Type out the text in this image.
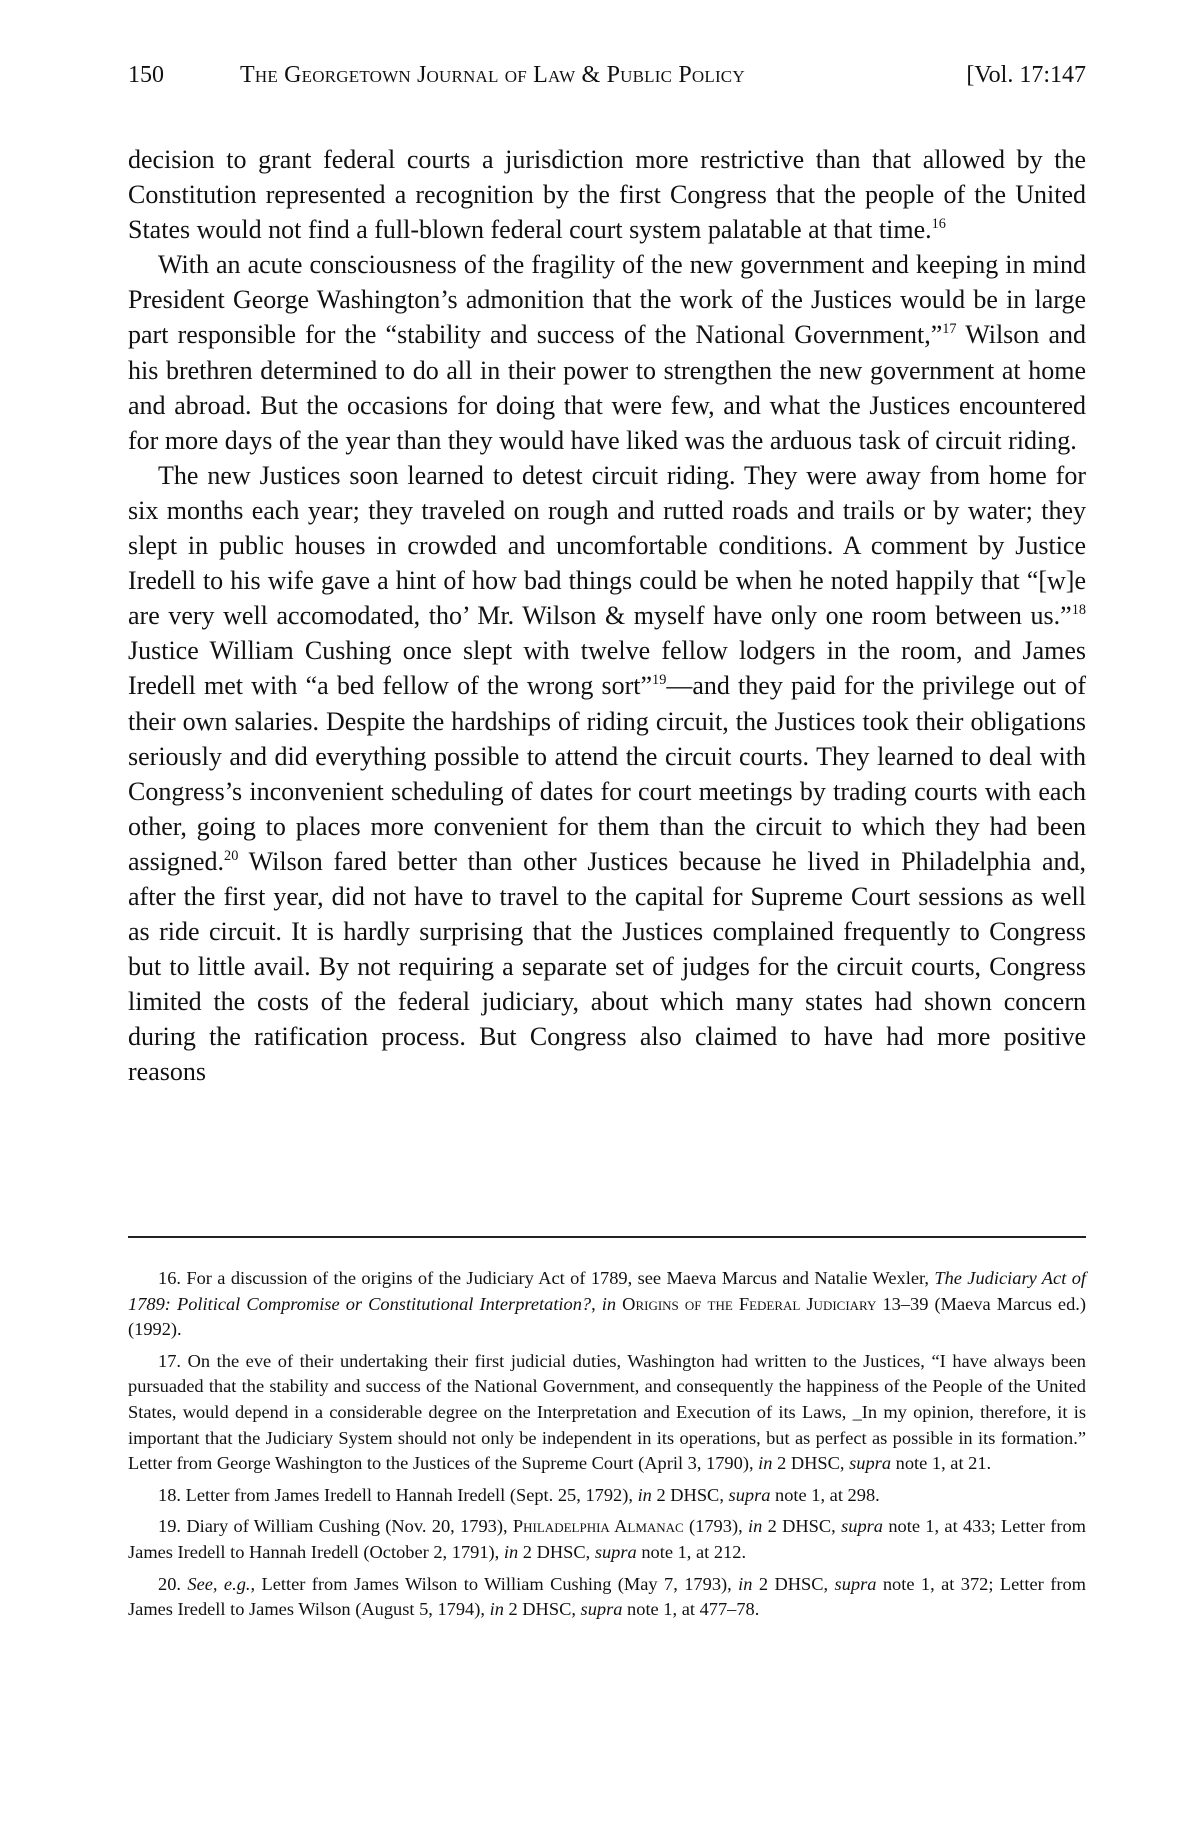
150	The Georgetown Journal of Law & Public Policy	[Vol. 17:147

decision to grant federal courts a jurisdiction more restrictive than that allowed by the Constitution represented a recognition by the first Congress that the people of the United States would not find a full-blown federal court system palatable at that time.$^{16}$

With an acute consciousness of the fragility of the new government and keeping in mind President George Washington’s admonition that the work of the Justices would be in large part responsible for the “stability and success of the National Government,”$^{17}$ Wilson and his brethren determined to do all in their power to strengthen the new government at home and abroad. But the occasions for doing that were few, and what the Justices encountered for more days of the year than they would have liked was the arduous task of circuit riding.

The new Justices soon learned to detest circuit riding. They were away from home for six months each year; they traveled on rough and rutted roads and trails or by water; they slept in public houses in crowded and uncomfortable conditions. A comment by Justice Iredell to his wife gave a hint of how bad things could be when he noted happily that “[w]e are very well accomodated, tho’ Mr. Wilson & myself have only one room between us.”$^{18}$ Justice William Cushing once slept with twelve fellow lodgers in the room, and James Iredell met with “a bed fellow of the wrong sort”$^{19}$—and they paid for the privilege out of their own salaries. Despite the hardships of riding circuit, the Justices took their obligations seriously and did everything possible to attend the circuit courts. They learned to deal with Congress’s inconvenient scheduling of dates for court meetings by trading courts with each other, going to places more convenient for them than the circuit to which they had been assigned.$^{20}$ Wilson fared better than other Justices because he lived in Philadelphia and, after the first year, did not have to travel to the capital for Supreme Court sessions as well as ride circuit. It is hardly surprising that the Justices complained frequently to Congress but to little avail. By not requiring a separate set of judges for the circuit courts, Congress limited the costs of the federal judiciary, about which many states had shown concern during the ratification process. But Congress also claimed to have had more positive reasons

16. For a discussion of the origins of the Judiciary Act of 1789, see Maeva Marcus and Natalie Wexler, The Judiciary Act of 1789: Political Compromise or Constitutional Interpretation?, in Origins of the Federal Judiciary 13–39 (Maeva Marcus ed.) (1992).

17. On the eve of their undertaking their first judicial duties, Washington had written to the Justices, “I have always been pursuaded that the stability and success of the National Government, and consequently the happiness of the People of the United States, would depend in a considerable degree on the Interpretation and Execution of its Laws, _In my opinion, therefore, it is important that the Judiciary System should not only be independent in its operations, but as perfect as possible in its formation.” Letter from George Washington to the Justices of the Supreme Court (April 3, 1790), in 2 DHSC, supra note 1, at 21.

18. Letter from James Iredell to Hannah Iredell (Sept. 25, 1792), in 2 DHSC, supra note 1, at 298.

19. Diary of William Cushing (Nov. 20, 1793), Philadelphia Almanac (1793), in 2 DHSC, supra note 1, at 433; Letter from James Iredell to Hannah Iredell (October 2, 1791), in 2 DHSC, supra note 1, at 212.

20. See, e.g., Letter from James Wilson to William Cushing (May 7, 1793), in 2 DHSC, supra note 1, at 372; Letter from James Iredell to James Wilson (August 5, 1794), in 2 DHSC, supra note 1, at 477–78.
